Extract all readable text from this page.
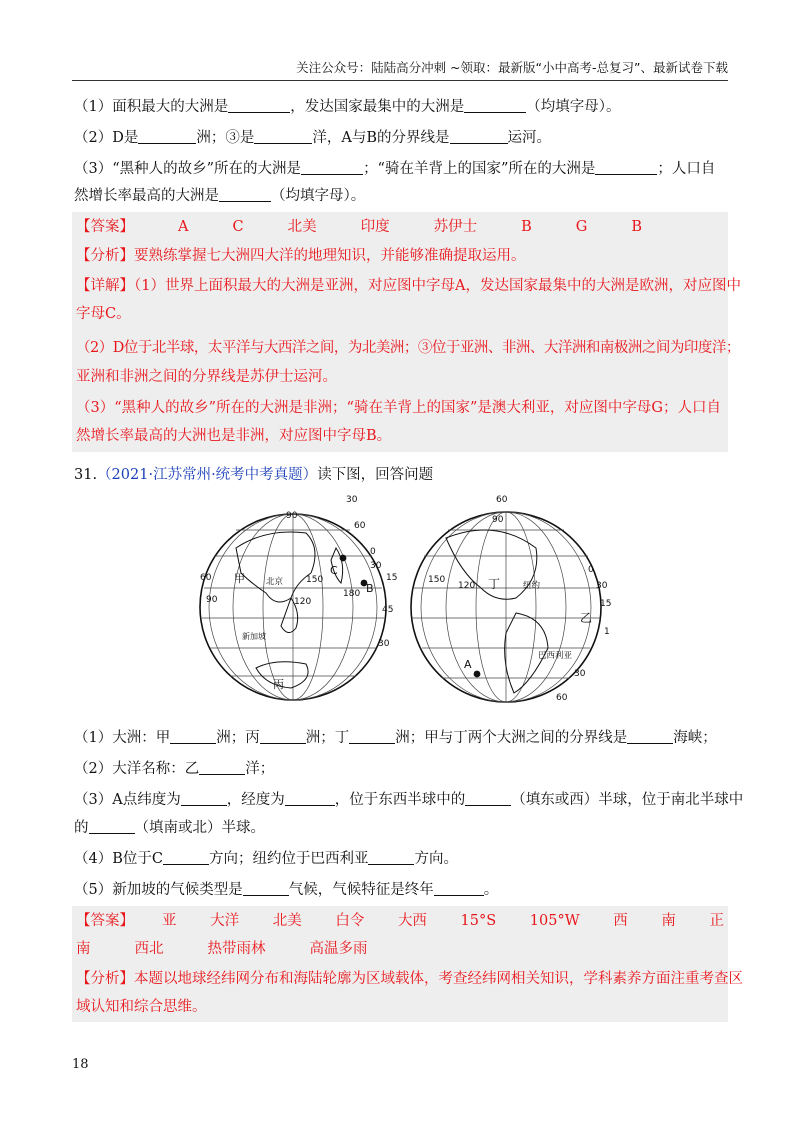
关注公众号：陆陆高分冲刺 ~领取：最新版“小中高考-总复习”、最新试卷下载
（1）面积最大的大洲是	，发达国家最集中的大洲是	（均填字母）。
（2）D是	洲；③是	洋，A与B的分界线是	运河。
（3）“黑种人的故乡”所在的大洲是	；“骑在羊背上的国家”所在的大洲是	；人口自
然增长率最高的大洲是	（均填字母）。
【答案】	A	C	北美	印度	苏伊士	B	G	B
【分析】要熟练掌握七大洲四大洋的地理知识，并能够准确提取运用。
【详解】（1）世界上面积最大的大洲是亚洲，对应图中字母A，发达国家最集中的大洲是欧洲，对应图中
字母C。
（2）D位于北半球，太平洋与大西洋之间，为北美洲；③位于亚洲、非洲、大洋洲和南极洲之间为印度洋；
亚洲和非洲之间的分界线是苏伊士运河。
（3）“黑种人的故乡”所在的大洲是非洲；“骑在羊背上的国家”是澳大利亚，对应图中字母G；人口自
然增长率最高的大洲也是非洲，对应图中字母B。
31.（2021·江苏常州·统考中考真题）读下图，回答问题
90
甲 北京
新加坡
丙
C
B
30
60
60
90	120
150
180
15
45
30
30
0
60
90
丁	纽约
乙
巴西利亚
A
150
120	30
15
1
30
60
0
（1）大洲：甲	洲；丙	洲；丁	洲；甲与丁两个大洲之间的分界线是	海峡；
（2）大洋名称：乙	洋；
（3）A点纬度为	，经度为	，位于东西半球中的	（填东或西）半球，位于南北半球中
的	（填南或北）半球。
（4）B位于C	方向；纽约位于巴西利亚	方向。
（5）新加坡的气候类型是	气候，气候特征是终年	。
【答案】 亚 大洋 北美 白令 大西 15°S 105°W 西 南 正
南	西北	热带雨林	高温多雨
【分析】本题以地球经纬网分布和海陆轮廓为区域载体，考查经纬网相关知识，学科素养方面注重考查区
域认知和综合思维。
18
